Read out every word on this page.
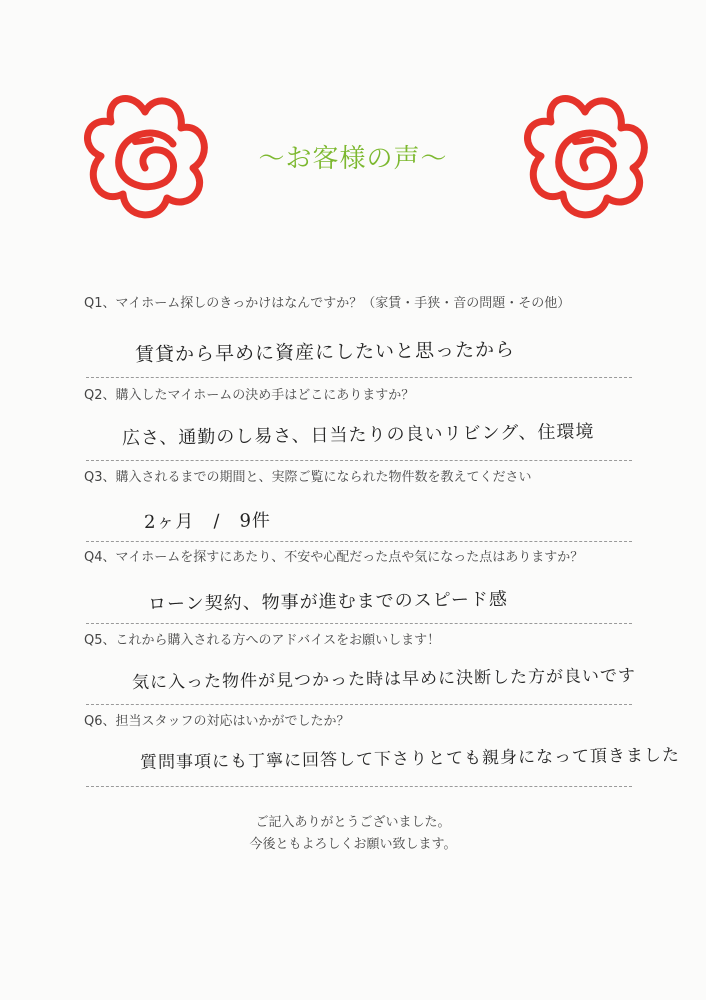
〜お客様の声〜
Q1、マイホーム探しのきっかけはなんですか？（家賃・手狭・音の問題・その他）
賃貸から早めに資産にしたいと思ったから
Q2、購入したマイホームの決め手はどこにありますか？
広さ、通勤のし易さ、日当たりの良いリビング、住環境
Q3、購入されるまでの期間と、実際ご覧になられた物件数を教えてください
2ヶ月　/　9件
Q4、マイホームを探すにあたり、不安や心配だった点や気になった点はありますか？
ローン契約、物事が進むまでのスピード感
Q5、これから購入される方へのアドバイスをお願いします！
気に入った物件が見つかった時は早めに決断した方が良いです
Q6、担当スタッフの対応はいかがでしたか？
質問事項にも丁寧に回答して下さりとても親身になって頂きました
ご記入ありがとうございました。
今後ともよろしくお願い致します。
